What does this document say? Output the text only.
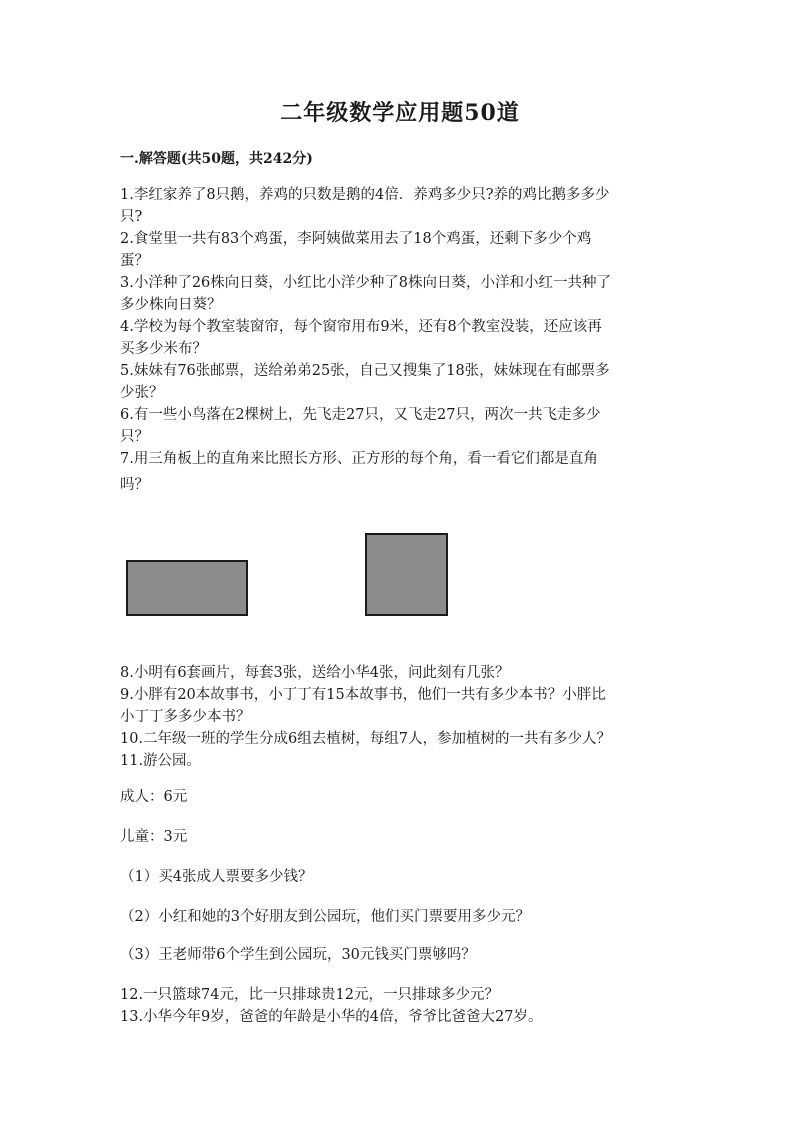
二年级数学应用题50道
一.解答题(共50题，共242分)
1.李红家养了8只鹅，养鸡的只数是鹅的4倍．养鸡多少只?养的鸡比鹅多多少
只?
2.食堂里一共有83个鸡蛋，李阿姨做菜用去了18个鸡蛋，还剩下多少个鸡
蛋？
3.小洋种了26株向日葵，小红比小洋少种了8株向日葵，小洋和小红一共种了
多少株向日葵？
4.学校为每个教室装窗帘，每个窗帘用布9米，还有8个教室没装，还应该再
买多少米布？
5.妹妹有76张邮票，送给弟弟25张，自己又搜集了18张，妹妹现在有邮票多
少张？
6.有一些小鸟落在2棵树上，先飞走27只，又飞走27只，两次一共飞走多少
只？
7.用三角板上的直角来比照长方形、正方形的每个角，看一看它们都是直角
吗？
8.小明有6套画片，每套3张，送给小华4张，问此刻有几张？
9.小胖有20本故事书，小丁丁有15本故事书，他们一共有多少本书？小胖比
小丁丁多多少本书？
10.二年级一班的学生分成6组去植树，每组7人，参加植树的一共有多少人？
11.游公园。
成人：6元
儿童：3元
（1）买4张成人票要多少钱？
（2）小红和她的3个好朋友到公园玩，他们买门票要用多少元？
（3）王老师带6个学生到公园玩，30元钱买门票够吗？
12.一只篮球74元，比一只排球贵12元，一只排球多少元？
13.小华今年9岁，爸爸的年龄是小华的4倍，爷爷比爸爸大27岁。
